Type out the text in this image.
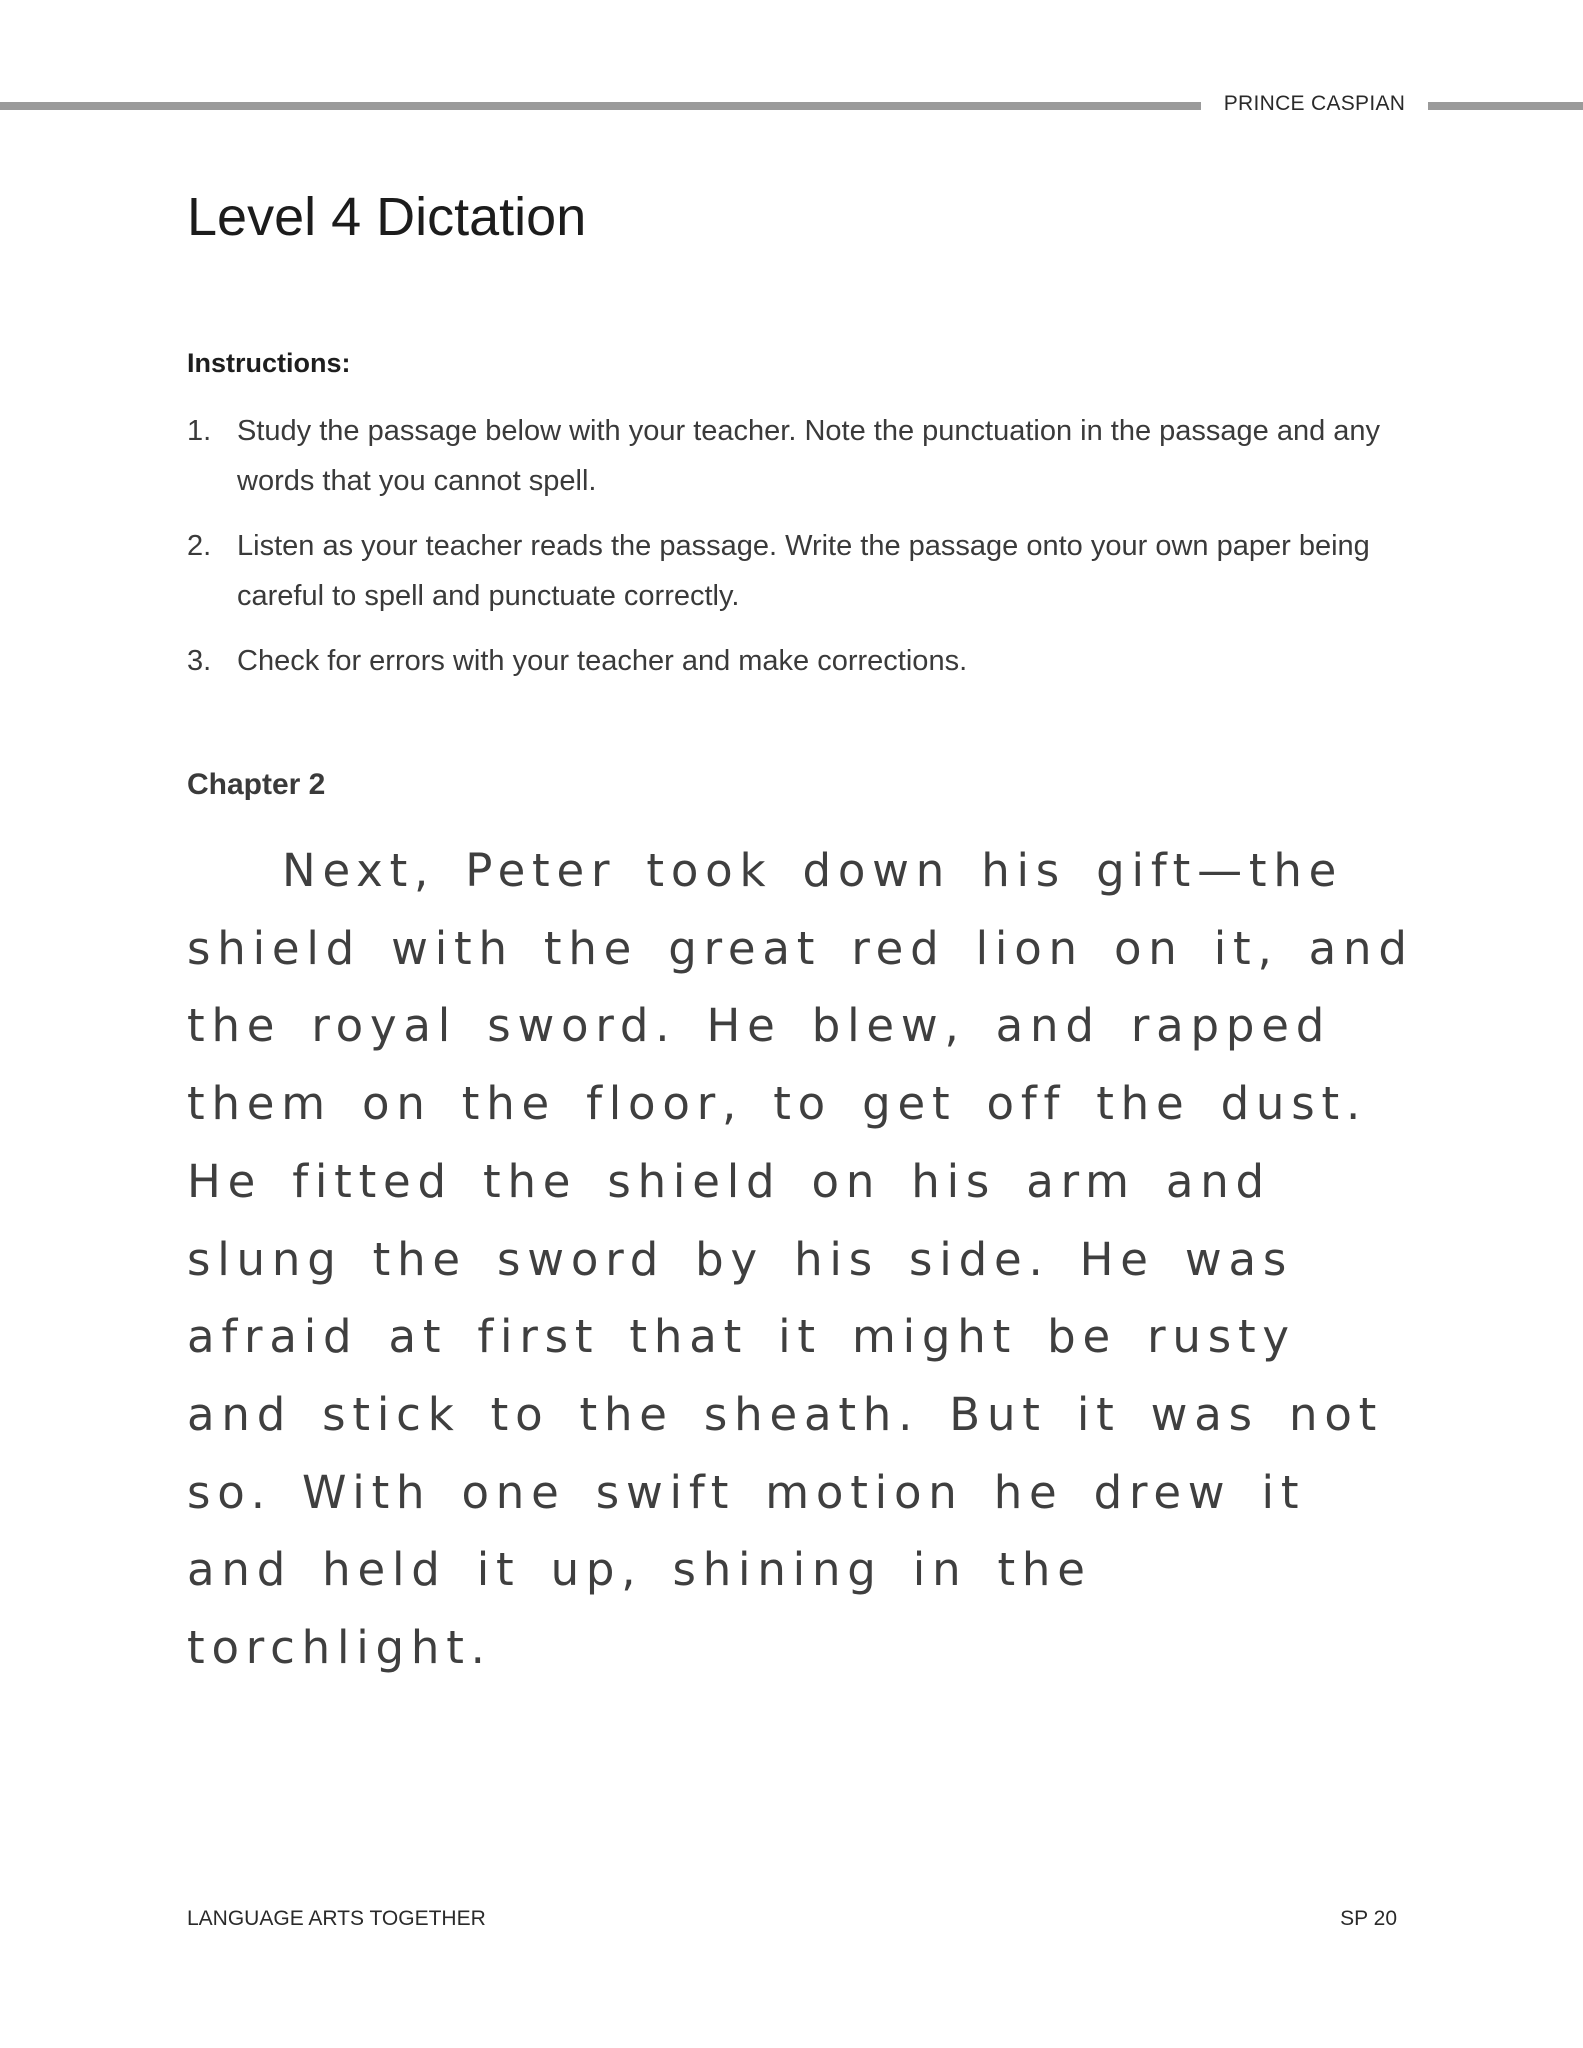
PRINCE CASPIAN
Level 4 Dictation
Instructions:
1. Study the passage below with your teacher. Note the punctuation in the passage and any words that you cannot spell.
2. Listen as your teacher reads the passage. Write the passage onto your own paper being careful to spell and punctuate correctly.
3. Check for errors with your teacher and make corrections.
Chapter 2

Next, Peter took down his gift—the shield with the great red lion on it, and the royal sword. He blew, and rapped them on the floor, to get off the dust. He fitted the shield on his arm and slung the sword by his side. He was afraid at first that it might be rusty and stick to the sheath. But it was not so. With one swift motion he drew it and held it up, shining in the torchlight.

LANGUAGE ARTS TOGETHER	SP 20
